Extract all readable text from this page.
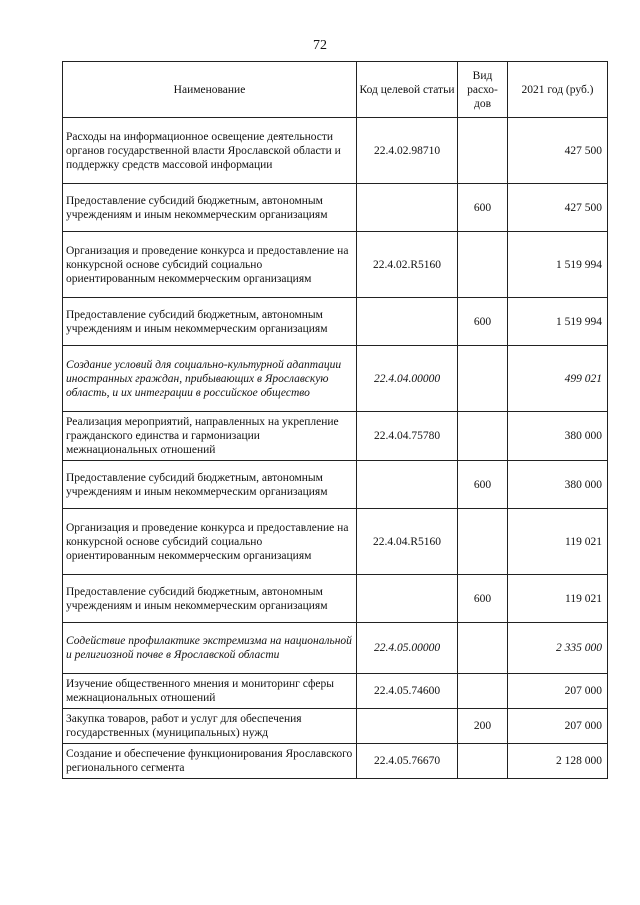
72
Наименование	Код целевой статьи	Вид расхо-дов	2021 год (руб.)
Расходы на информационное освещение деятельности органов государственной власти Ярославской области и поддержку средств массовой информации	22.4.02.98710		427 500
Предоставление субсидий бюджетным, автономным учреждениям и иным некоммерческим организациям		600	427 500
Организация и проведение конкурса и предоставление на конкурсной основе субсидий социально ориентированным некоммерческим организациям	22.4.02.R5160		1 519 994
Предоставление субсидий бюджетным, автономным учреждениям и иным некоммерческим организациям		600	1 519 994
Создание условий для социально-культурной адаптации иностранных граждан, прибывающих в Ярославскую область, и их интеграции в российское общество	22.4.04.00000		499 021
Реализация мероприятий, направленных на укрепление гражданского единства и гармонизации межнациональных отношений	22.4.04.75780		380 000
Предоставление субсидий бюджетным, автономным учреждениям и иным некоммерческим организациям		600	380 000
Организация и проведение конкурса и предоставление на конкурсной основе субсидий социально ориентированным некоммерческим организациям	22.4.04.R5160		119 021
Предоставление субсидий бюджетным, автономным учреждениям и иным некоммерческим организациям		600	119 021
Содействие профилактике экстремизма на национальной и религиозной почве в Ярославской области	22.4.05.00000		2 335 000
Изучение общественного мнения и мониторинг сферы межнациональных отношений	22.4.05.74600		207 000
Закупка товаров, работ и услуг для обеспечения государственных (муниципальных) нужд		200	207 000
Создание и обеспечение функционирования Ярославского регионального сегмента	22.4.05.76670		2 128 000
